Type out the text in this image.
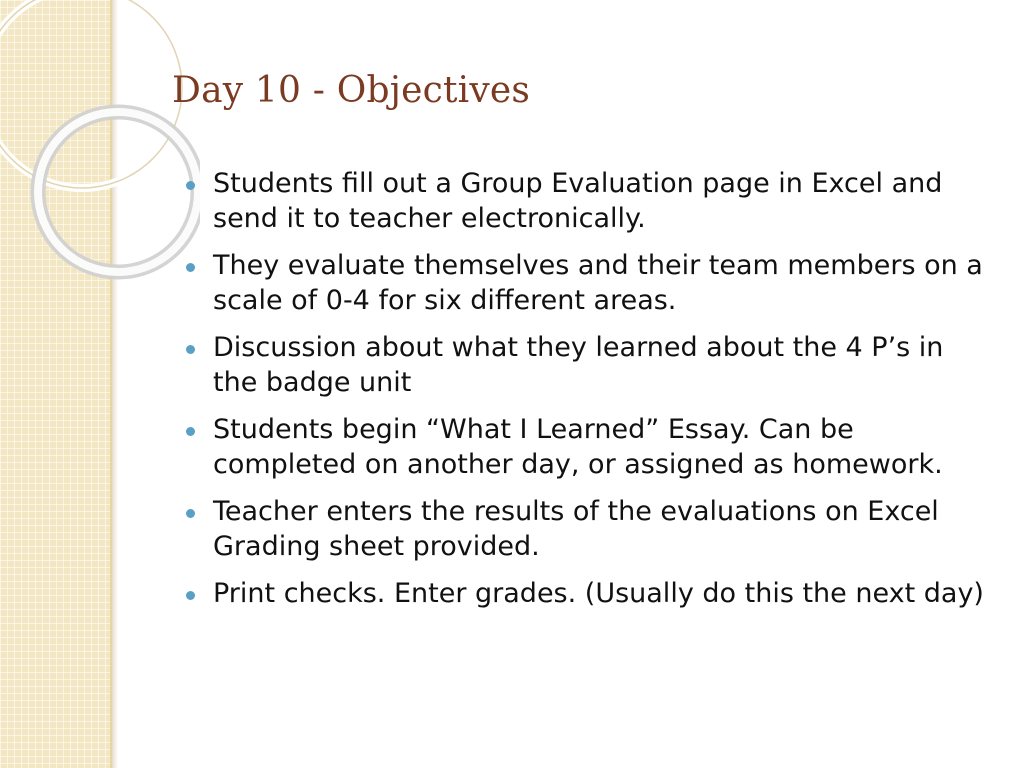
Day 10 - Objectives
Students fill out a Group Evaluation page in Excel and send it to teacher electronically.
They evaluate themselves and their team members on a scale of 0-4 for six different areas.
Discussion about what they learned about the 4 P’s in the badge unit
Students begin “What I Learned” Essay. Can be completed on another day, or assigned as homework.
Teacher enters the results of the evaluations on Excel Grading sheet provided.
Print checks. Enter grades. (Usually do this the next day)
